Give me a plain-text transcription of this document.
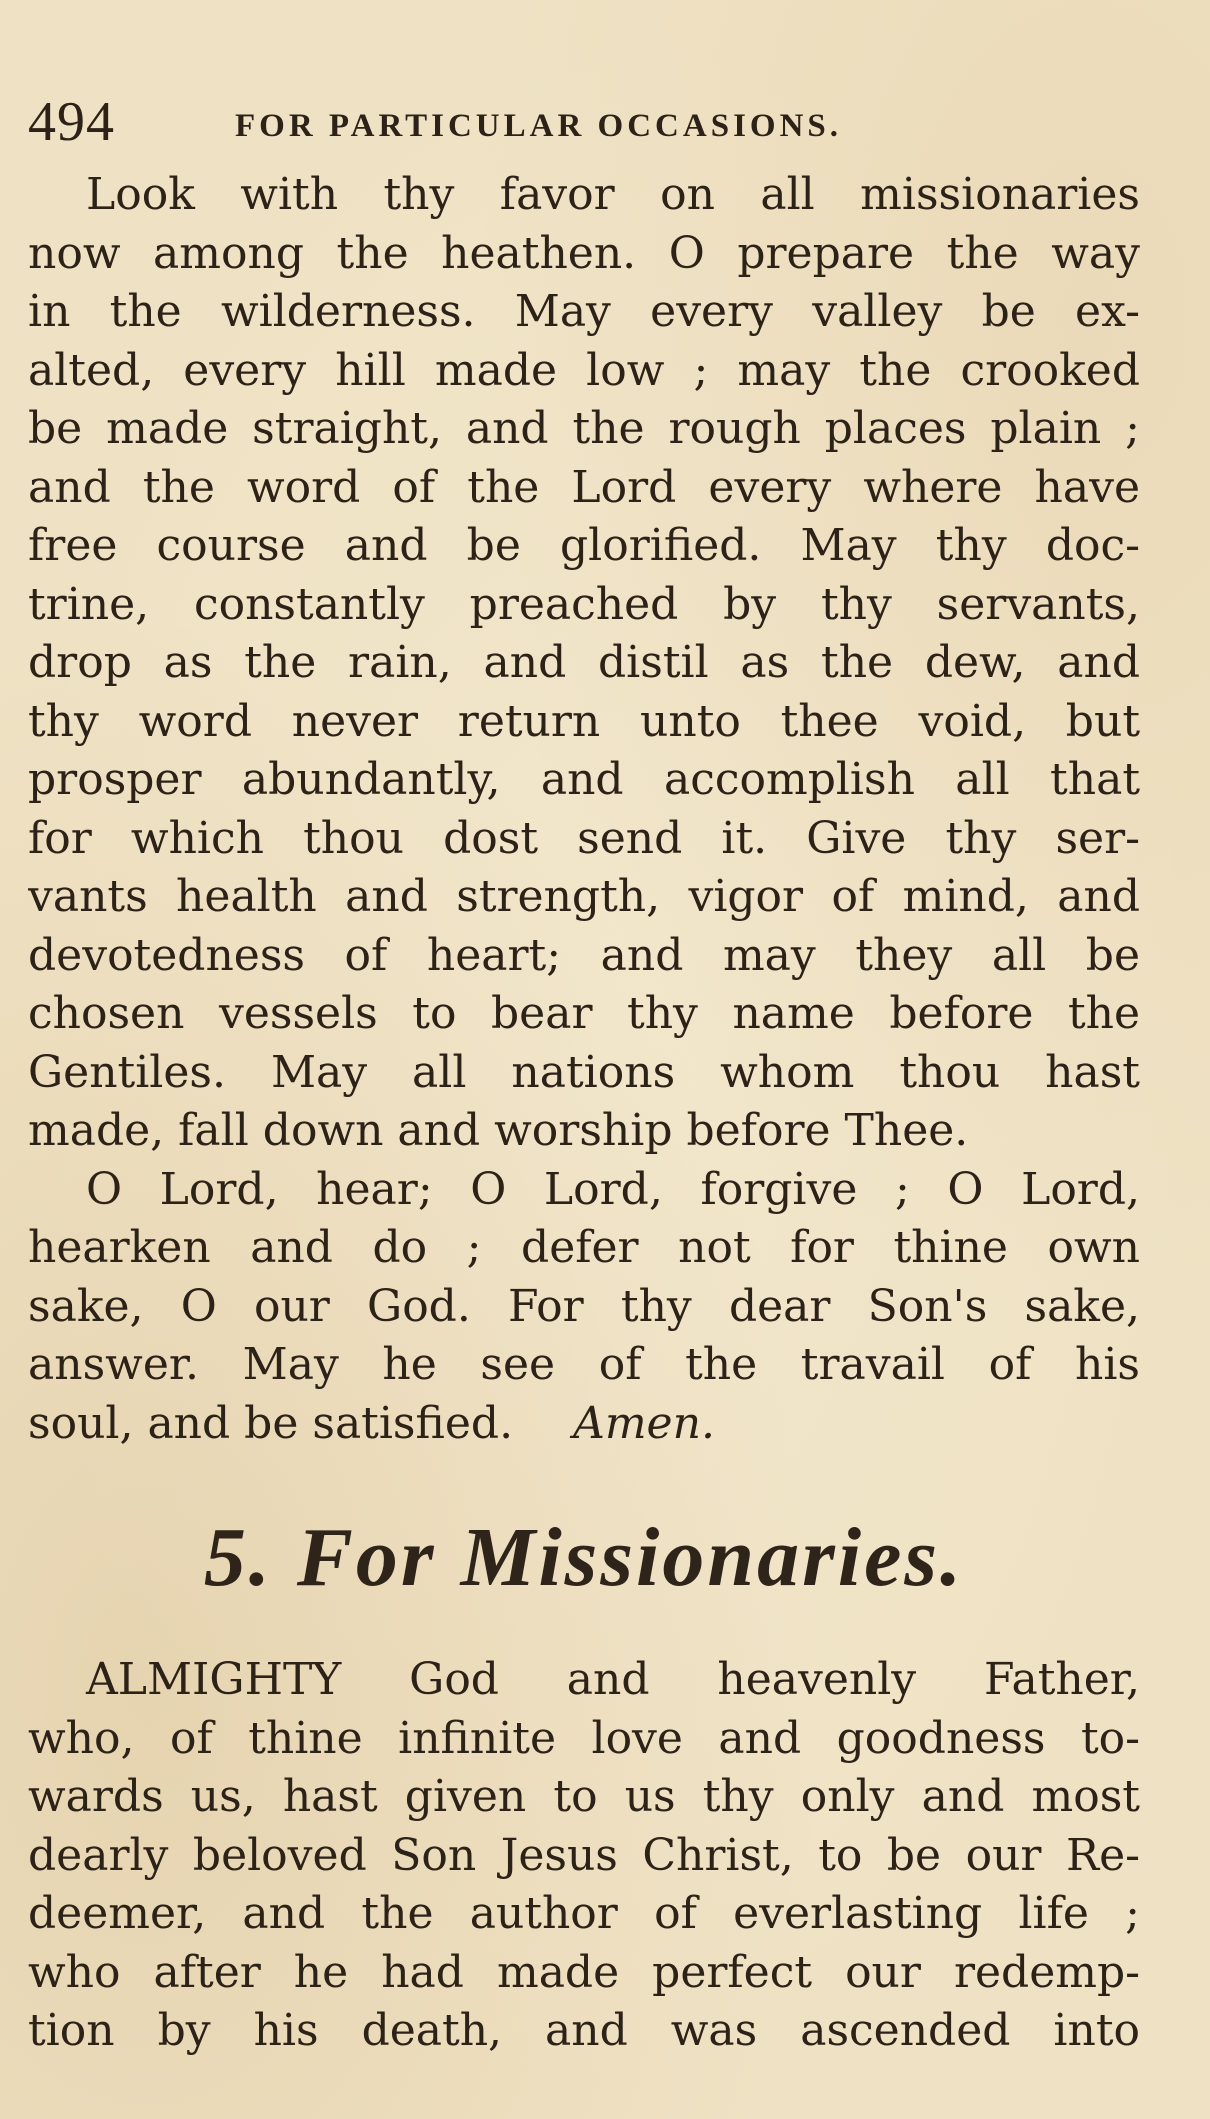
494	FOR PARTICULAR OCCASIONS.
Look with thy favor on all missionaries
now among the heathen. O prepare the way
in the wilderness. May every valley be ex-
alted, every hill made low ; may the crooked
be made straight, and the rough places plain ;
and the word of the Lord every where have
free course and be glorified. May thy doc-
trine, constantly preached by thy servants,
drop as the rain, and distil as the dew, and
thy word never return unto thee void, but
prosper abundantly, and accomplish all that
for which thou dost send it. Give thy ser-
vants health and strength, vigor of mind, and
devotedness of heart; and may they all be
chosen vessels to bear thy name before the
Gentiles. May all nations whom thou hast
made, fall down and worship before Thee.
O Lord, hear; O Lord, forgive ; O Lord,
hearken and do ; defer not for thine own
sake, O our God. For thy dear Son's sake,
answer. May he see of the travail of his
soul, and be satisfied. Amen.
5. For Missionaries.
ALMIGHTY God and heavenly Father,
who, of thine infinite love and goodness to-
wards us, hast given to us thy only and most
dearly beloved Son Jesus Christ, to be our Re-
deemer, and the author of everlasting life ;
who after he had made perfect our redemp-
tion by his death, and was ascended into
